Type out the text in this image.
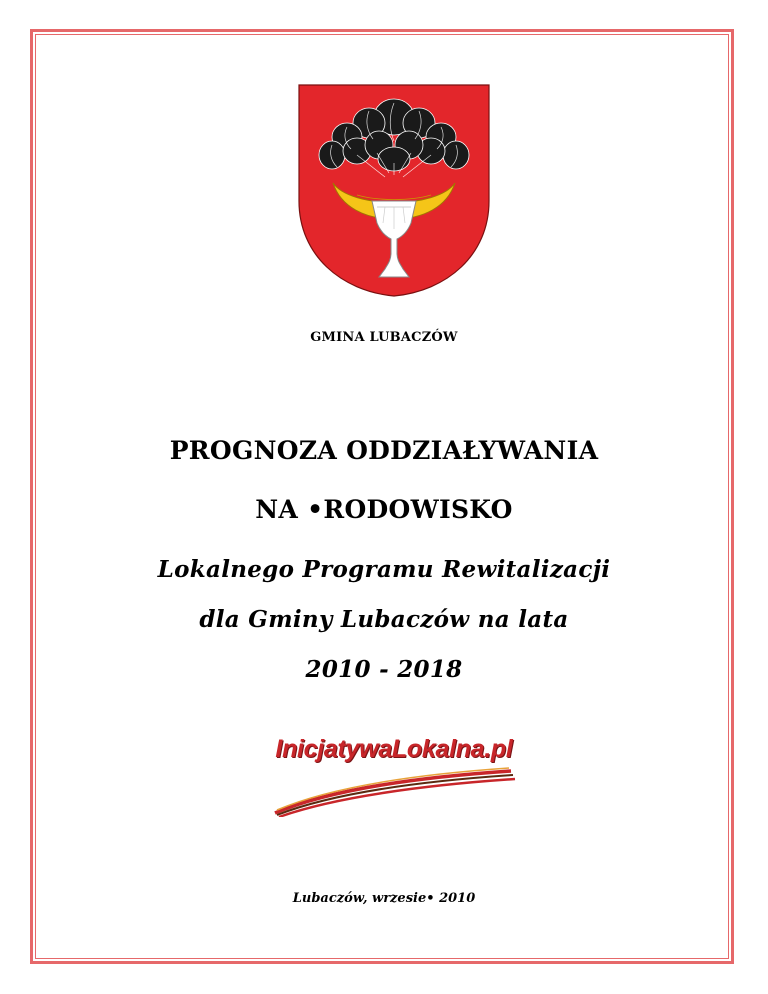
GMINA LUBACZÓW
PROGNOZA ODDZIAŁYWANIA
NA •RODOWISKO
Lokalnego Programu Rewitalizacji
dla Gminy Lubaczów na lata
2010 - 2018
InicjatywaLokalna.pl
Lubaczów, wrzesie• 2010
